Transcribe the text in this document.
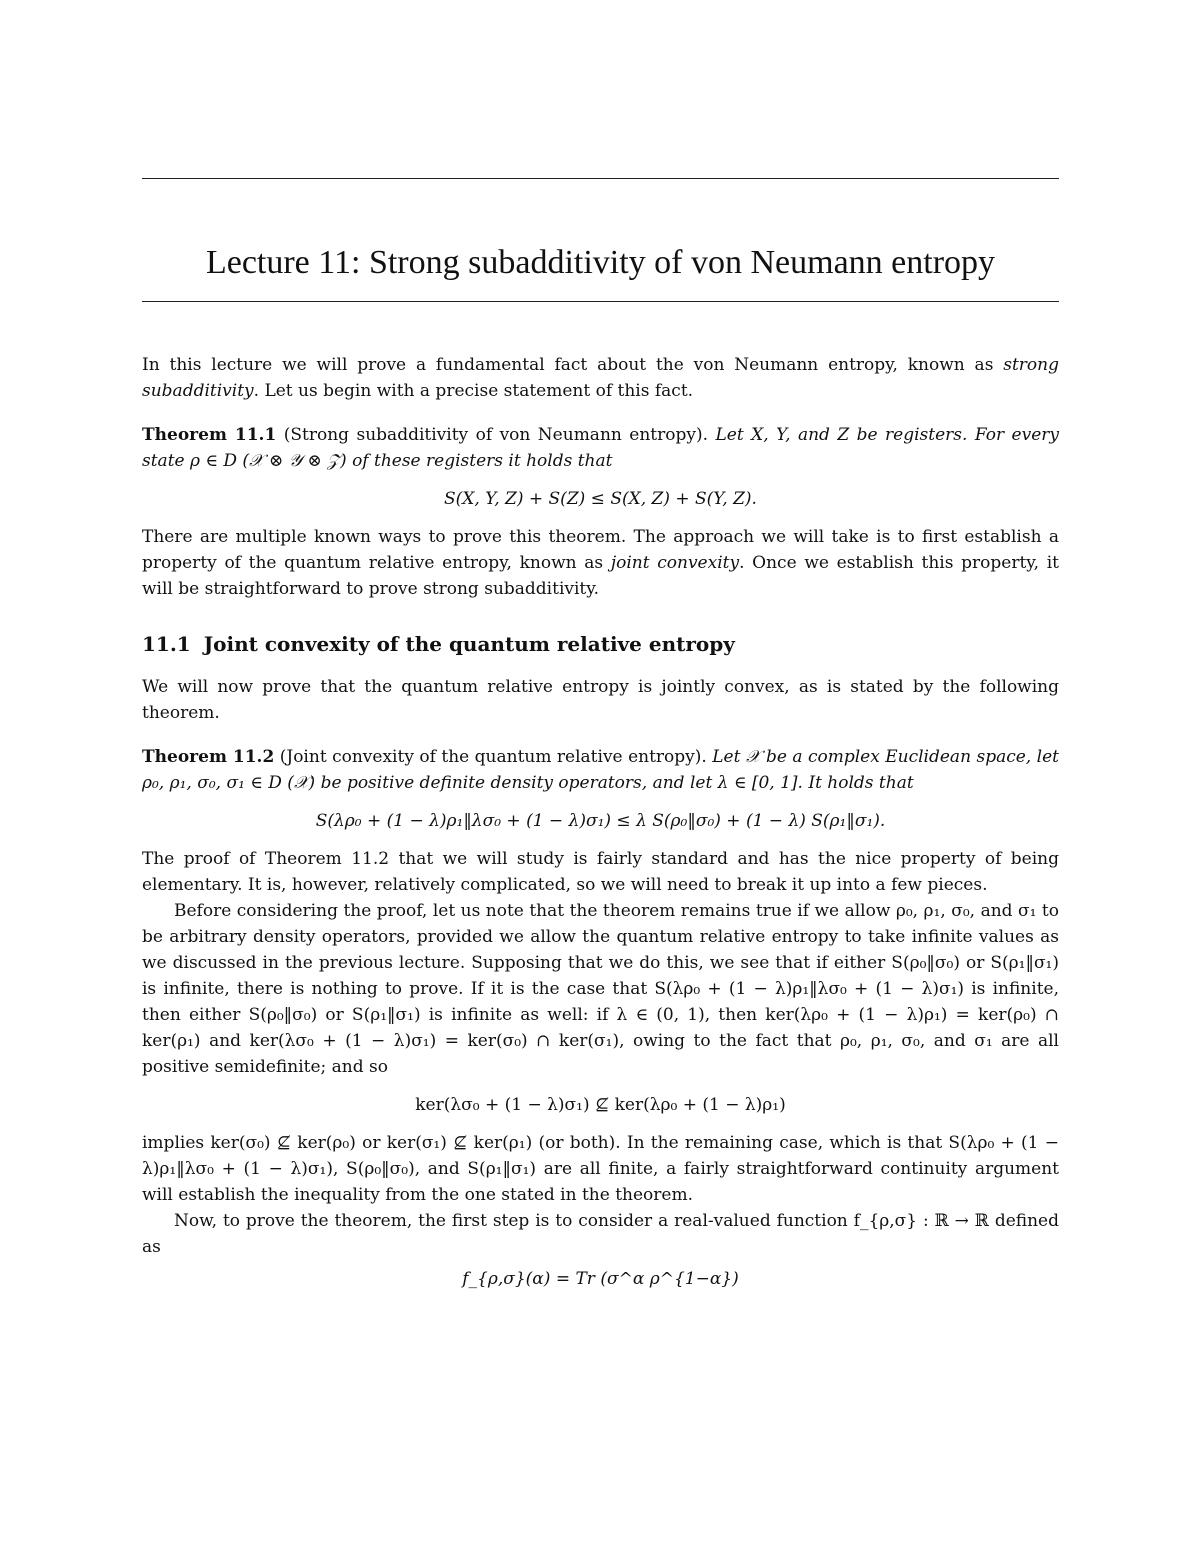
Lecture 11: Strong subadditivity of von Neumann entropy

In this lecture we will prove a fundamental fact about the von Neumann entropy, known as strong subadditivity. Let us begin with a precise statement of this fact.

Theorem 11.1 (Strong subadditivity of von Neumann entropy). Let X, Y, and Z be registers. For every state ρ ∈ D (𝒳 ⊗ 𝒴 ⊗ 𝒵) of these registers it holds that

S(X, Y, Z) + S(Z) ≤ S(X, Z) + S(Y, Z).

There are multiple known ways to prove this theorem. The approach we will take is to first establish a property of the quantum relative entropy, known as joint convexity. Once we establish this property, it will be straightforward to prove strong subadditivity.

11.1 Joint convexity of the quantum relative entropy

We will now prove that the quantum relative entropy is jointly convex, as is stated by the following theorem.

Theorem 11.2 (Joint convexity of the quantum relative entropy). Let 𝒳 be a complex Euclidean space, let ρ₀, ρ₁, σ₀, σ₁ ∈ D (𝒳) be positive definite density operators, and let λ ∈ [0, 1]. It holds that

S(λρ₀ + (1 − λ)ρ₁‖λσ₀ + (1 − λ)σ₁) ≤ λ S(ρ₀‖σ₀) + (1 − λ) S(ρ₁‖σ₁).

The proof of Theorem 11.2 that we will study is fairly standard and has the nice property of being elementary. It is, however, relatively complicated, so we will need to break it up into a few pieces.

Before considering the proof, let us note that the theorem remains true if we allow ρ₀, ρ₁, σ₀, and σ₁ to be arbitrary density operators, provided we allow the quantum relative entropy to take infinite values as we discussed in the previous lecture. Supposing that we do this, we see that if either S(ρ₀‖σ₀) or S(ρ₁‖σ₁) is infinite, there is nothing to prove. If it is the case that S(λρ₀ + (1 − λ)ρ₁‖λσ₀ + (1 − λ)σ₁) is infinite, then either S(ρ₀‖σ₀) or S(ρ₁‖σ₁) is infinite as well: if λ ∈ (0, 1), then ker(λρ₀ + (1 − λ)ρ₁) = ker(ρ₀) ∩ ker(ρ₁) and ker(λσ₀ + (1 − λ)σ₁) = ker(σ₀) ∩ ker(σ₁), owing to the fact that ρ₀, ρ₁, σ₀, and σ₁ are all positive semidefinite; and so

ker(λσ₀ + (1 − λ)σ₁) ⊈ ker(λρ₀ + (1 − λ)ρ₁)

implies ker(σ₀) ⊈ ker(ρ₀) or ker(σ₁) ⊈ ker(ρ₁) (or both). In the remaining case, which is that S(λρ₀ + (1 − λ)ρ₁‖λσ₀ + (1 − λ)σ₁), S(ρ₀‖σ₀), and S(ρ₁‖σ₁) are all finite, a fairly straightforward continuity argument will establish the inequality from the one stated in the theorem.

Now, to prove the theorem, the first step is to consider a real-valued function f_{ρ,σ} : ℝ → ℝ defined as

f_{ρ,σ}(α) = Tr (σ^α ρ^{1−α})
